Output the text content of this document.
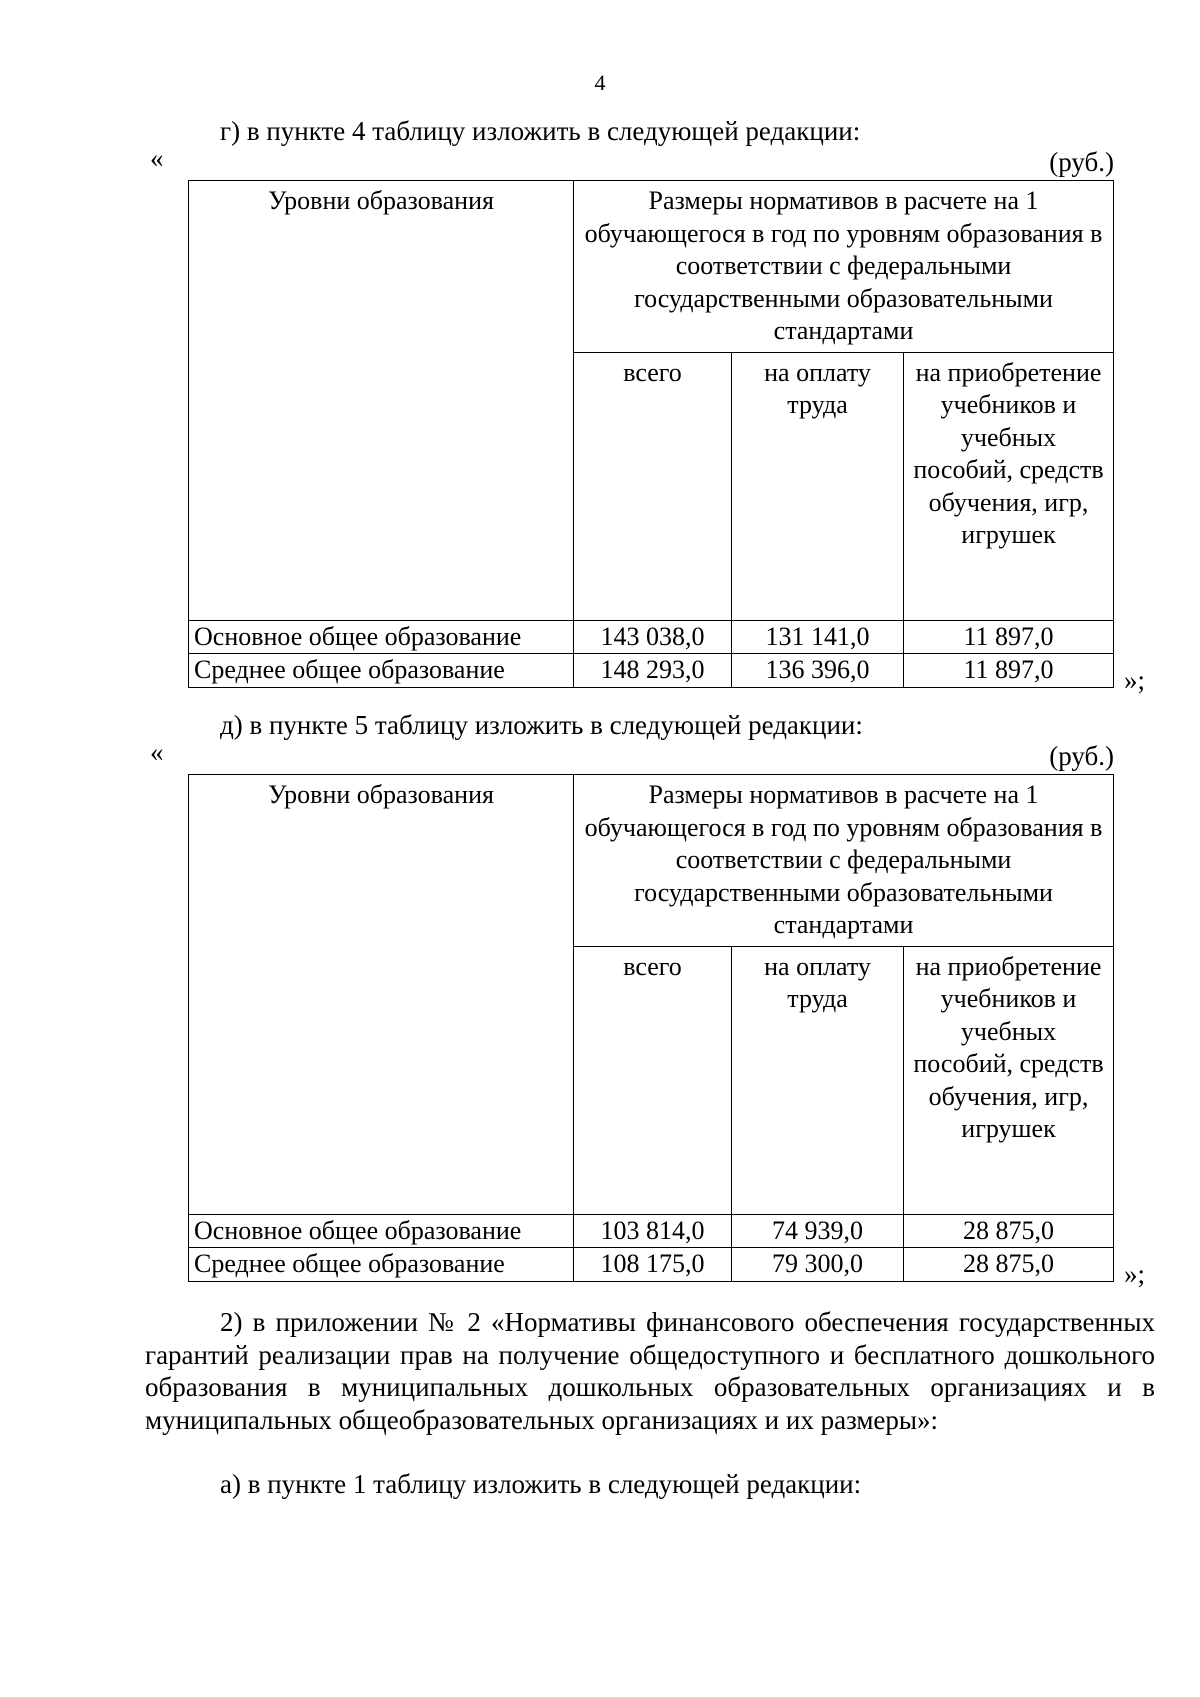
4
г) в пункте 4 таблицу изложить в следующей редакции:
«	(руб.)
Уровни образования	Размеры нормативов в расчете на 1 обучающегося в год по уровням образования в соответствии с федеральными государственными образовательными стандартами		
	всего	на оплату труда	на приобретение учебников и учебных пособий, средств обучения, игр, игрушек
Основное общее образование	143 038,0	131 141,0	11 897,0
Среднее общее образование	148 293,0	136 396,0	11 897,0	»;
д) в пункте 5 таблицу изложить в следующей редакции:
«	(руб.)
Уровни образования	Размеры нормативов в расчете на 1 обучающегося в год по уровням образования в соответствии с федеральными государственными образовательными стандартами		
	всего	на оплату труда	на приобретение учебников и учебных пособий, средств обучения, игр, игрушек
Основное общее образование	103 814,0	74 939,0	28 875,0
Среднее общее образование	108 175,0	79 300,0	28 875,0	»;
2) в приложении № 2 «Нормативы финансового обеспечения государственных гарантий реализации прав на получение общедоступного и бесплатного дошкольного образования в муниципальных дошкольных образовательных организациях и в муниципальных общеобразовательных организациях и их размеры»:
а) в пункте 1 таблицу изложить в следующей редакции:
